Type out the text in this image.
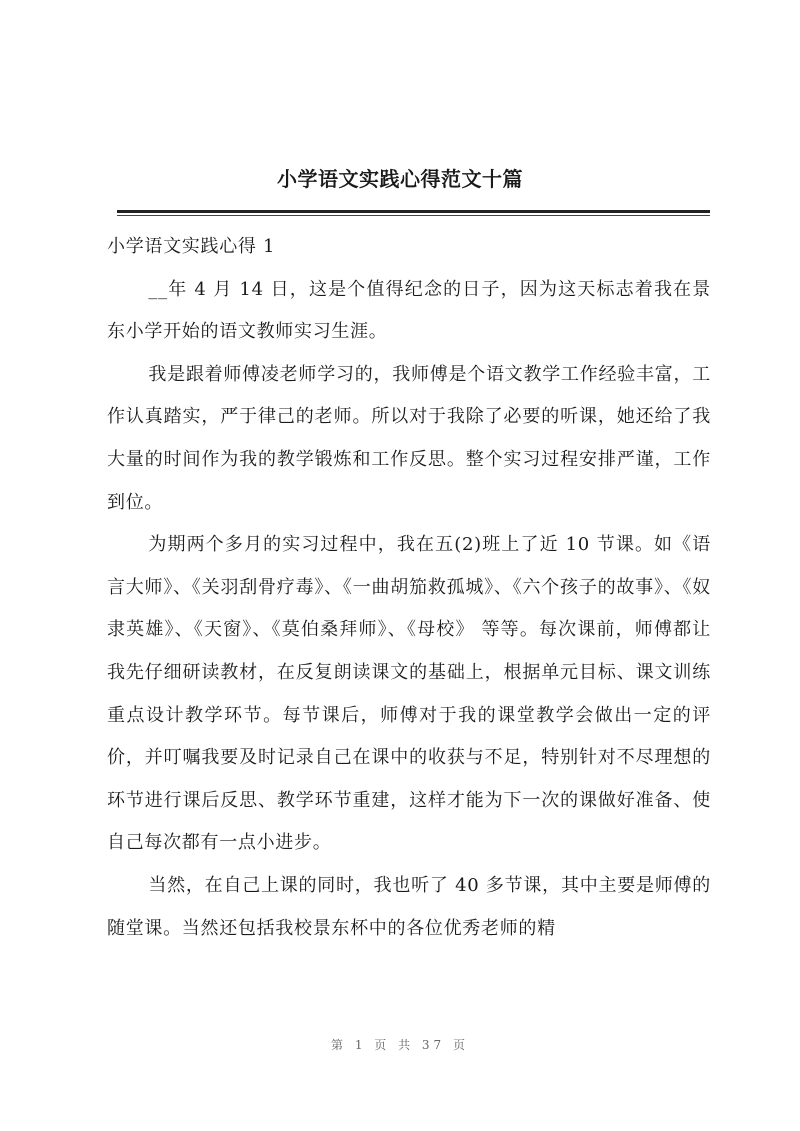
小学语文实践心得范文十篇

小学语文实践心得 1

__年 4 月 14 日，这是个值得纪念的日子，因为这天标志着我在景东小学开始的语文教师实习生涯。

我是跟着师傅凌老师学习的，我师傅是个语文教学工作经验丰富，工作认真踏实，严于律己的老师。所以对于我除了必要的听课，她还给了我大量的时间作为我的教学锻炼和工作反思。整个实习过程安排严谨，工作到位。

为期两个多月的实习过程中，我在五(2)班上了近 10 节课。如《语言大师》、《关羽刮骨疗毒》、《一曲胡笳救孤城》、《六个孩子的故事》、《奴隶英雄》、《天窗》、《莫伯桑拜师》、《母校》 等等。每次课前，师傅都让我先仔细研读教材，在反复朗读课文的基础上，根据单元目标、课文训练重点设计教学环节。每节课后，师傅对于我的课堂教学会做出一定的评价，并叮嘱我要及时记录自己在课中的收获与不足，特别针对不尽理想的环节进行课后反思、教学环节重建，这样才能为下一次的课做好准备、使自己每次都有一点小进步。

当然，在自己上课的同时，我也听了 40 多节课，其中主要是师傅的随堂课。当然还包括我校景东杯中的各位优秀老师的精

第 1 页 共 37 页
